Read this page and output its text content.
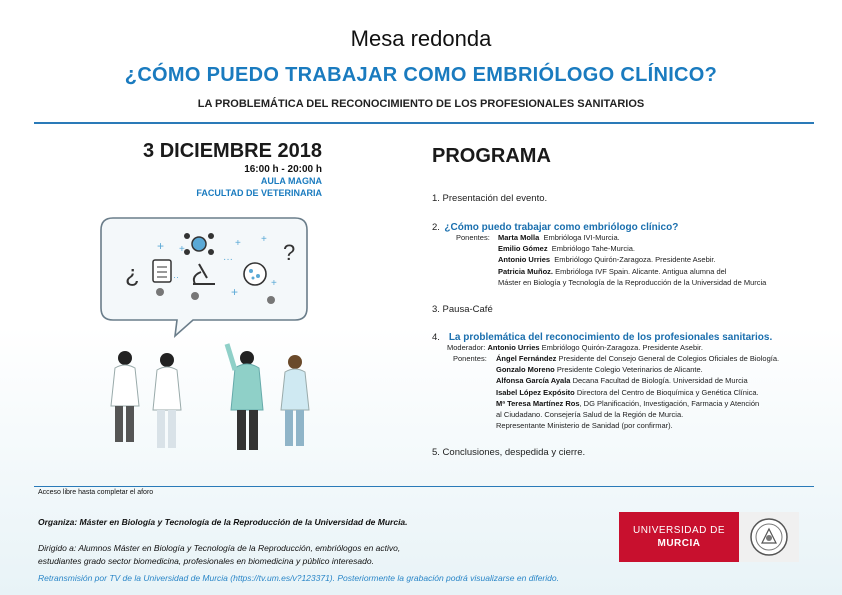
Mesa redonda
¿CÓMO PUEDO TRABAJAR COMO EMBRIÓLOGO CLÍNICO?
LA PROBLEMÁTICA DEL RECONOCIMIENTO DE LOS PROFESIONALES SANITARIOS
3 DICIEMBRE 2018
16:00 h - 20:00 h
AULA MAGNA
FACULTAD DE VETERINARIA
¿
?
+ +
+
+
+
+
··
···
PROGRAMA
1. Presentación del evento.
2. ¿Cómo puedo trabajar como embriólogo clínico?
Ponentes: Marta Molla Embrióloga IVI-Murcia.
Emilio Gómez Embriólogo Tahe-Murcia.
Antonio Urries Embriólogo Quirón-Zaragoza. Presidente Asebir.
Patricia Muñoz. Embrióloga IVF Spain. Alicante. Antigua alumna del
Máster en Biología y Tecnología de la Reproducción de la Universidad de Murcia
3. Pausa-Café
4. La problemática del reconocimiento de los profesionales sanitarios.
Moderador: Antonio Urries Embriólogo Quirón-Zaragoza. Presidente Asebir.
Ponentes: Ángel Fernández Presidente del Consejo General de Colegios Oficiales de Biología.
Gonzalo Moreno Presidente Colegio Veterinarios de Alicante.
Alfonsa García Ayala Decana Facultad de Biología. Universidad de Murcia
Isabel López Expósito Directora del Centro de Bioquímica y Genética Clínica.
Mª Teresa Martínez Ros, DG Planificación, Investigación, Farmacia y Atención
al Ciudadano. Consejería Salud de la Región de Murcia.
Representante Ministerio de Sanidad (por confirmar).
5. Conclusiones, despedida y cierre.
Acceso libre hasta completar el aforo
Organiza: Máster en Biología y Tecnología de la Reproducción de la Universidad de Murcia.
Dirigido a: Alumnos Máster en Biología y Tecnología de la Reproducción, embriólogos en activo,
estudiantes grado sector biomedicina, profesionales en biomedicina y público interesado.
Retransmisión por TV de la Universidad de Murcia (https://tv.um.es/v?123371). Posteriormente la grabación podrá visualizarse en diferido.
UNIVERSIDAD DE
MURCIA
